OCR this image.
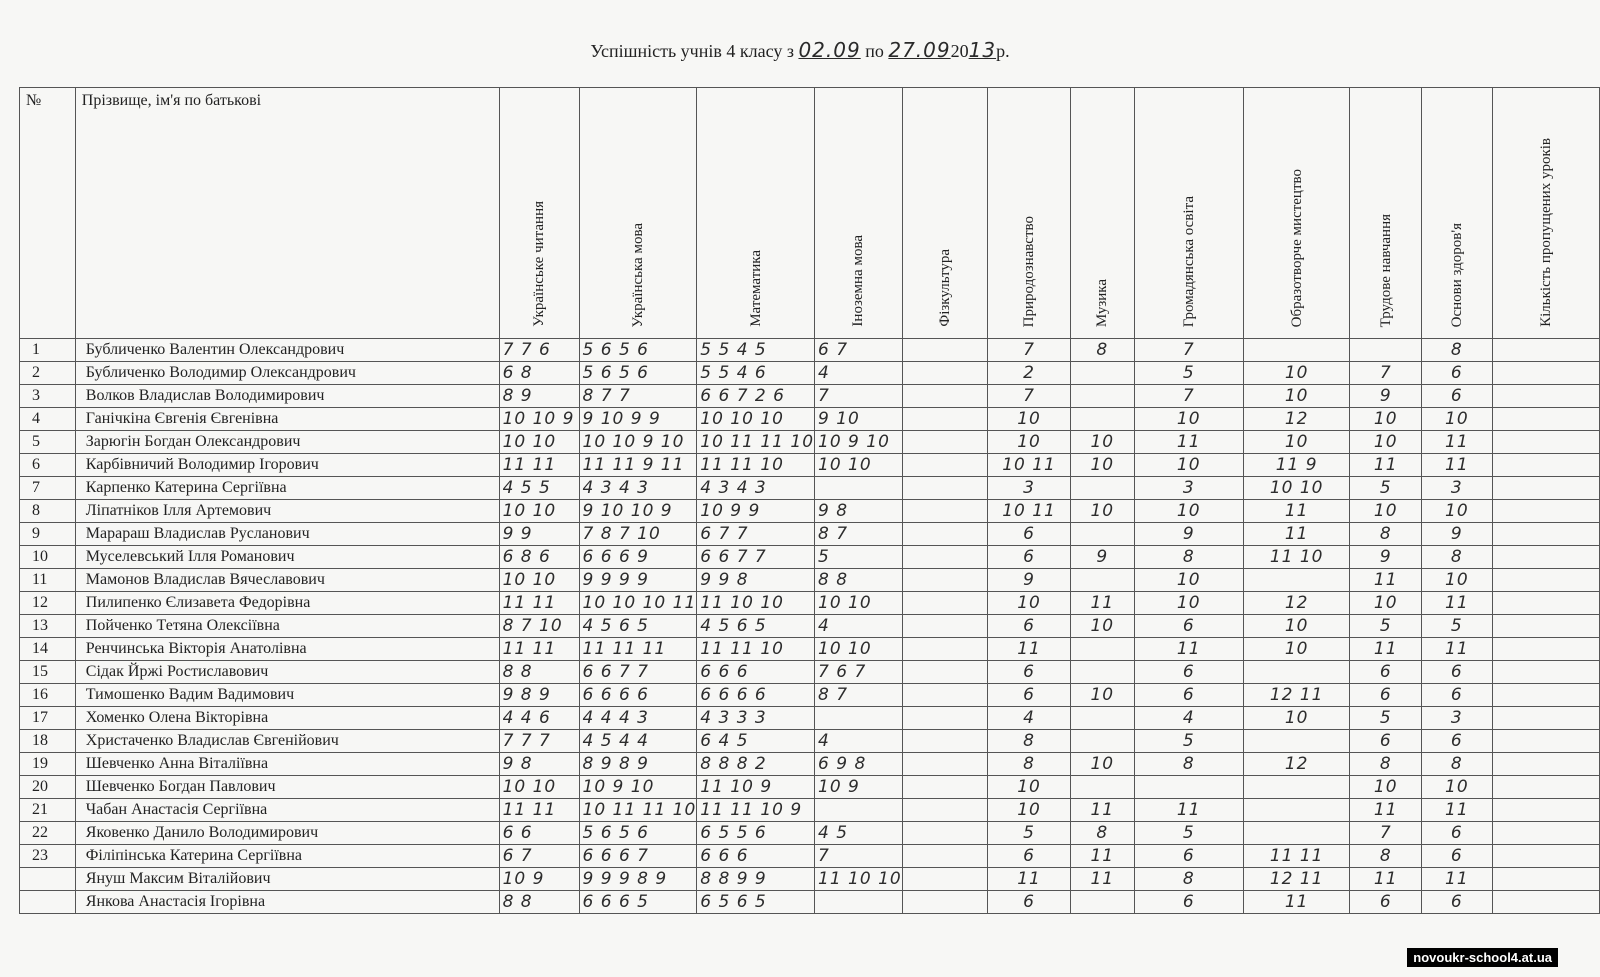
Успішність учнів 4 класу з 02.09 по 27.092013р.
№	Прізвище, ім'я по батькові	Українське читання	Українська мова	Математика	Іноземна мова	Фізкультура	Природознавство	Музика	Громадянська освіта	Образотворче мистецтво	Трудове навчання	Основи здоров'я	Кількість пропущених уроків
1	Бубличенко Валентин Олександрович	7 7 6	5 6 5 6	5 5 4 5	6 7		7	8	7			8	
2	Бубличенко Володимир Олександрович	6 8	5 6 5 6	5 5 4 6	4		2		5	10	7	6	
3	Волков Владислав Володимирович	8 9	8 7 7	6 6 7 2 6	7		7		7	10	9	6	
4	Ганічкіна Євгенія Євгенівна	10 10 9	9 10 9 9	10 10 10	9 10		10		10	12	10	10	
5	Зарюгін Богдан Олександрович	10 10	10 10 9 10	10 11 11 10	10 9 10		10	10	11	10	10	11	
6	Карбівничий Володимир Ігорович	11 11	11 11 9 11	11 11 10	10 10		10 11	10	10	11 9	11	11	
7	Карпенко Катерина Сергіївна	4 5 5	4 3 4 3	4 3 4 3			3		3	10 10	5	3	
8	Ліпатніков Ілля Артемович	10 10	9 10 10 9	10 9 9	9 8		10 11	10	10	11	10	10	
9	Марараш Владислав Русланович	9 9	7 8 7 10	6 7 7	8 7		6		9	11	8	9	
10	Муселевський Ілля Романович	6 8 6	6 6 6 9	6 6 7 7	5		6	9	8	11 10	9	8	
11	Мамонов Владислав Вячеславович	10 10	9 9 9 9	9 9 8	8 8		9		10		11	10	
12	Пилипенко Єлизавета Федорівна	11 11	10 10 10 11	11 10 10	10 10		10	11	10	12	10	11	
13	Пойченко Тетяна Олексіївна	8 7 10	4 5 6 5	4 5 6 5	4		6	10	6	10	5	5	
14	Ренчинська Вікторія Анатолівна	11 11	11 11 11	11 11 10	10 10		11		11	10	11	11	
15	Сідак Йржі Ростиславович	8 8	6 6 7 7	6 6 6	7 6 7		6		6		6	6	
16	Тимошенко Вадим Вадимович	9 8 9	6 6 6 6	6 6 6 6	8 7		6	10	6	12 11	6	6	
17	Хоменко Олена Вікторівна	4 4 6	4 4 4 3	4 3 3 3			4		4	10	5	3	
18	Христаченко Владислав Євгенійович	7 7 7	4 5 4 4	6 4 5	4		8		5		6	6	
19	Шевченко Анна Віталіївна	9 8	8 9 8 9	8 8 8 2	6 9 8		8	10	8	12	8	8	
20	Шевченко Богдан Павлович	10 10	10 9 10	11 10 9	10 9		10				10	10	
21	Чабан Анастасія Сергіївна	11 11	10 11 11 10	11 11 10 9			10	11	11		11	11	
22	Яковенко Данило Володимирович	6 6	5 6 5 6	6 5 5 6	4 5		5	8	5		7	6	
23	Філіпінська Катерина Сергіївна	6 7	6 6 6 7	6 6 6	7		6	11	6	11 11	8	6	
	Януш Максим Віталійович	10 9	9 9 9 8 9	8 8 9 9	11 10 10		11	11	8	12 11	11	11	
	Янкова Анастасія Ігорівна	8 8	6 6 6 5	6 5 6 5			6		6	11	6	6	
novoukr-school4.at.ua
